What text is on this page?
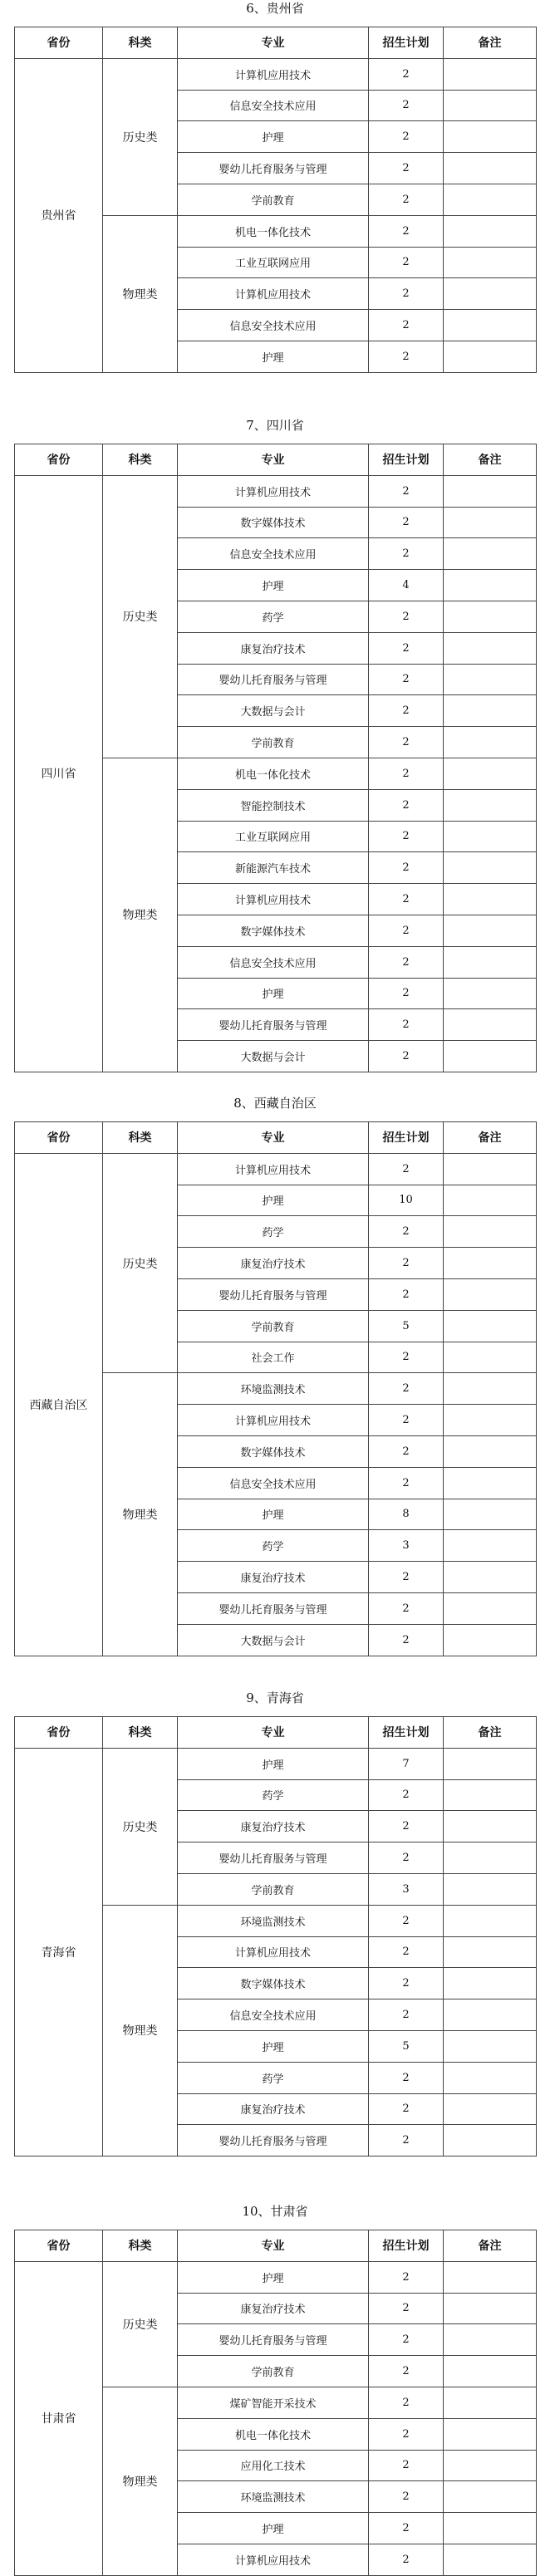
6、贵州省
省份	科类	专业	招生计划	备注
贵州省	历史类	计算机应用技术	2	
		信息安全技术应用	2	
		护理	2	
		婴幼儿托育服务与管理	2	
		学前教育	2	
	物理类	机电一体化技术	2	
		工业互联网应用	2	
		计算机应用技术	2	
		信息安全技术应用	2	
		护理	2	
7、四川省
省份	科类	专业	招生计划	备注
四川省	历史类	计算机应用技术	2	
		数字媒体技术	2	
		信息安全技术应用	2	
		护理	4	
		药学	2	
		康复治疗技术	2	
		婴幼儿托育服务与管理	2	
		大数据与会计	2	
		学前教育	2	
	物理类	机电一体化技术	2	
		智能控制技术	2	
		工业互联网应用	2	
		新能源汽车技术	2	
		计算机应用技术	2	
		数字媒体技术	2	
		信息安全技术应用	2	
		护理	2	
		婴幼儿托育服务与管理	2	
		大数据与会计	2	
8、西藏自治区
省份	科类	专业	招生计划	备注
西藏自治区	历史类	计算机应用技术	2	
		护理	10	
		药学	2	
		康复治疗技术	2	
		婴幼儿托育服务与管理	2	
		学前教育	5	
		社会工作	2	
	物理类	环境监测技术	2	
		计算机应用技术	2	
		数字媒体技术	2	
		信息安全技术应用	2	
		护理	8	
		药学	3	
		康复治疗技术	2	
		婴幼儿托育服务与管理	2	
		大数据与会计	2	
9、青海省
省份	科类	专业	招生计划	备注
青海省	历史类	护理	7	
		药学	2	
		康复治疗技术	2	
		婴幼儿托育服务与管理	2	
		学前教育	3	
	物理类	环境监测技术	2	
		计算机应用技术	2	
		数字媒体技术	2	
		信息安全技术应用	2	
		护理	5	
		药学	2	
		康复治疗技术	2	
		婴幼儿托育服务与管理	2	
10、甘肃省
省份	科类	专业	招生计划	备注
甘肃省	历史类	护理	2	
		康复治疗技术	2	
		婴幼儿托育服务与管理	2	
		学前教育	2	
	物理类	煤矿智能开采技术	2	
		机电一体化技术	2	
		应用化工技术	2	
		环境监测技术	2	
		护理	2	
		计算机应用技术	2	
